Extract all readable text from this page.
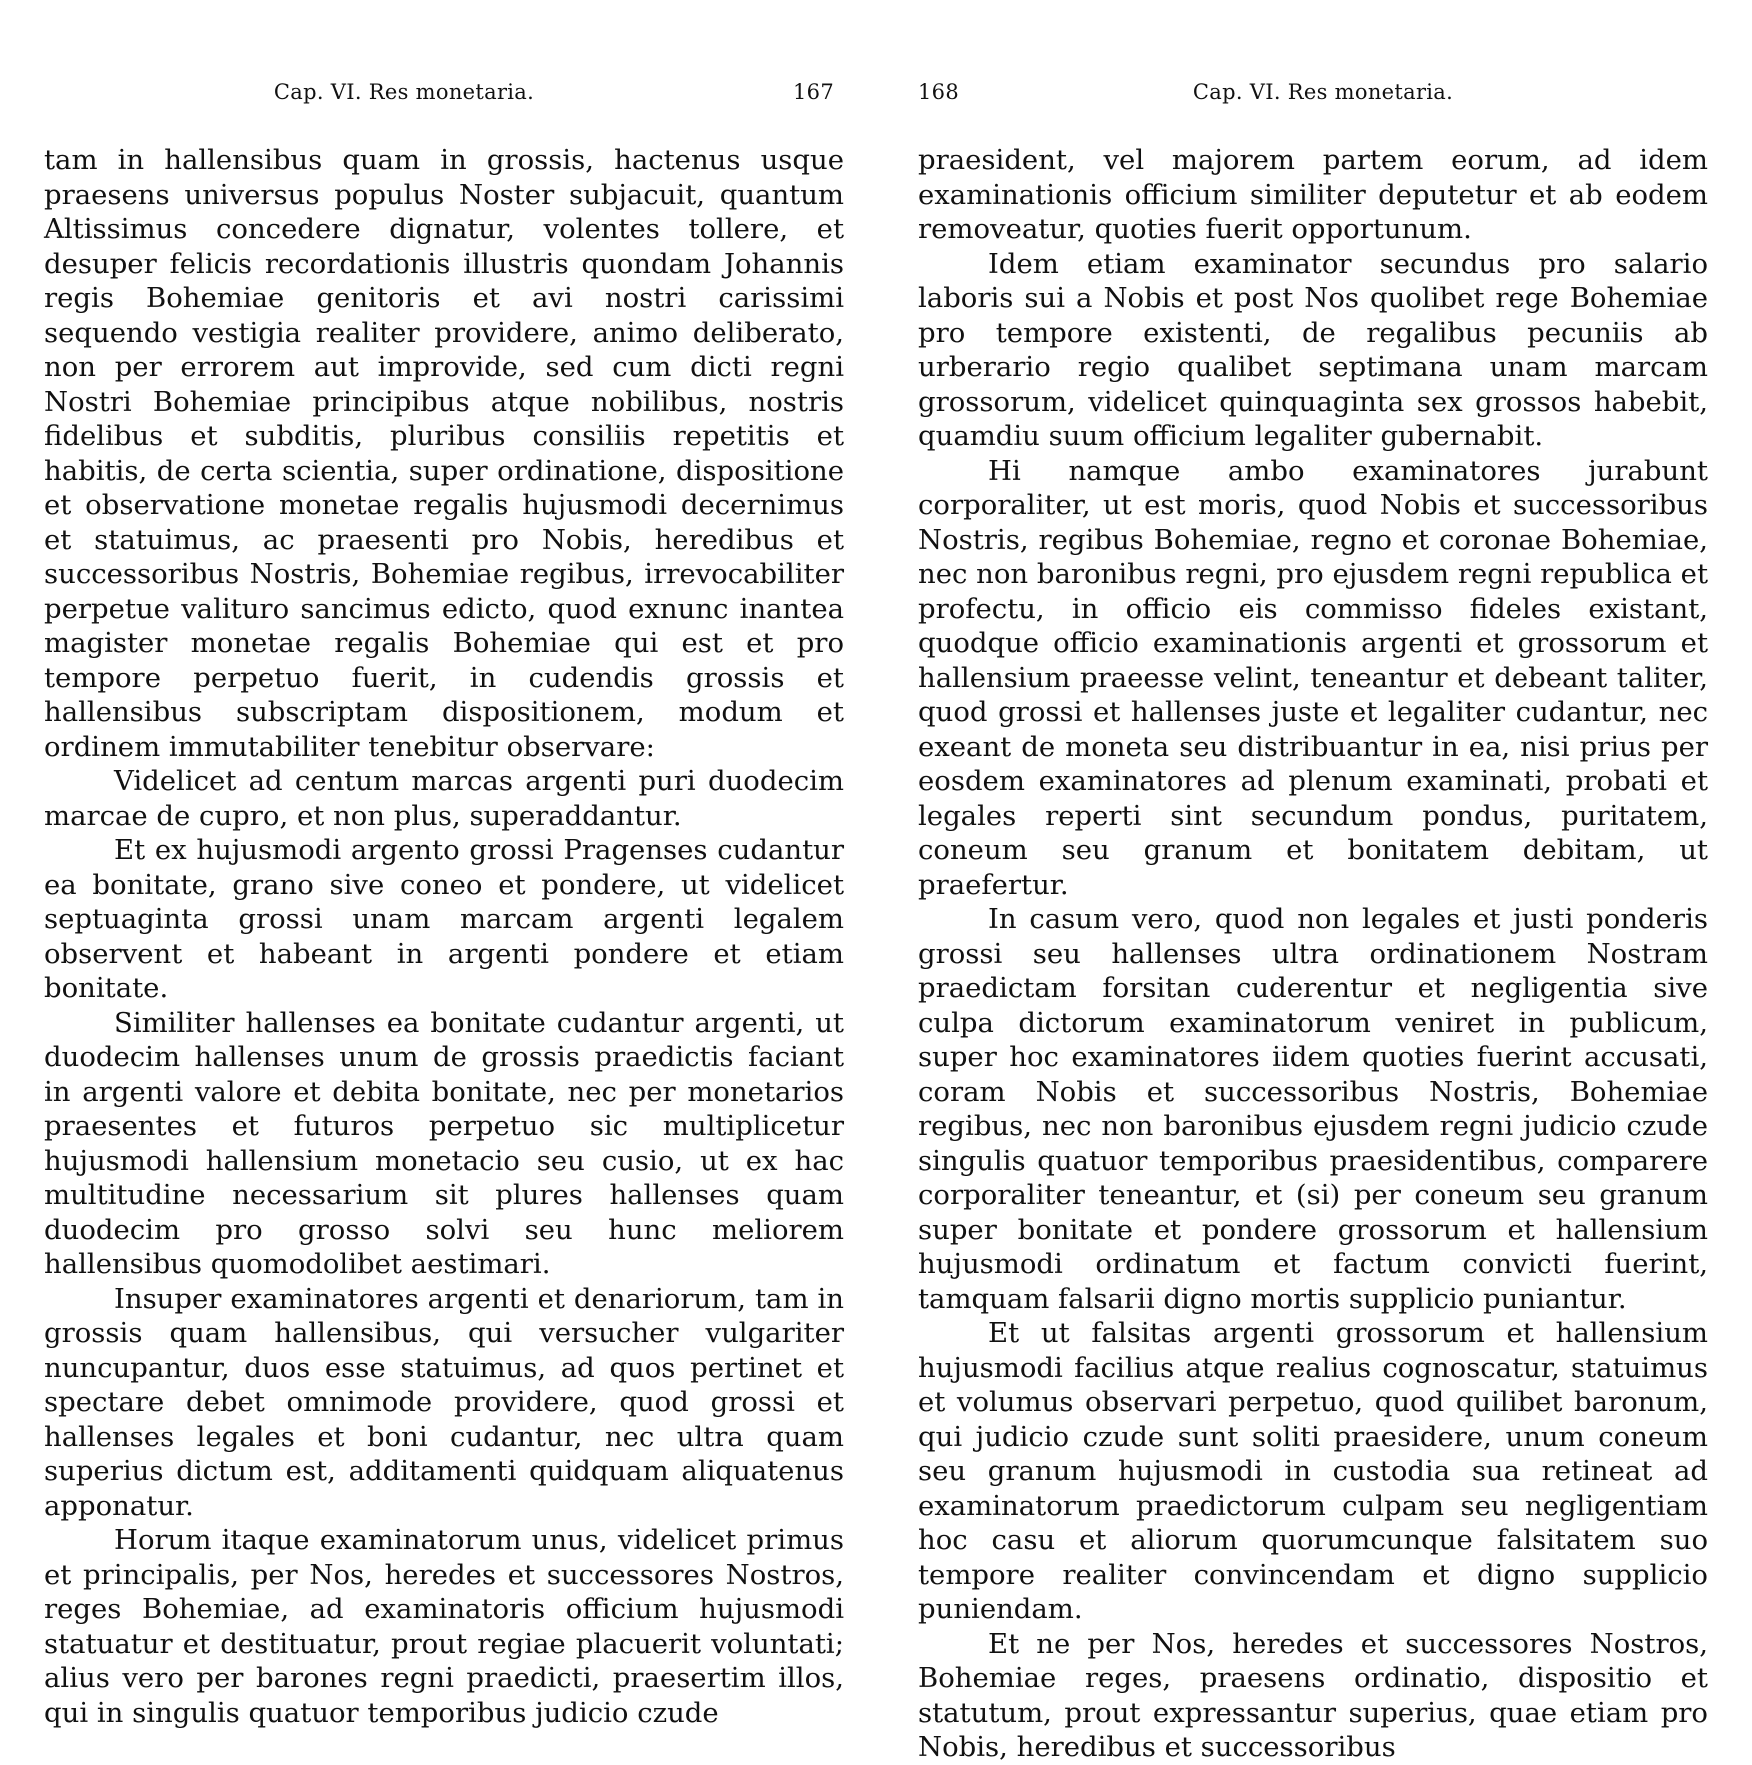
Cap. VI. Res monetaria.	167

tam in hallensibus quam in grossis, hactenus usque praesens universus populus Noster subjacuit, quantum Altissimus concedere dignatur, volentes tollere, et desuper felicis recordationis illustris quondam Johannis regis Bohemiae genitoris et avi nostri carissimi sequendo vestigia realiter providere, animo deliberato, non per errorem aut improvide, sed cum dicti regni Nostri Bohemiae principibus atque nobilibus, nostris fidelibus et subditis, pluribus consiliis repetitis et habitis, de certa scientia, super ordinatione, dispositione et observatione monetae regalis hujusmodi decernimus et statuimus, ac praesenti pro Nobis, heredibus et successoribus Nostris, Bohemiae regibus, irrevocabiliter perpetue valituro sancimus edicto, quod exnunc inantea magister monetae regalis Bohemiae qui est et pro tempore perpetuo fuerit, in cudendis grossis et hallensibus subscriptam dispositionem, modum et ordinem immutabiliter tenebitur observare:

Videlicet ad centum marcas argenti puri duodecim marcae de cupro, et non plus, superaddantur.

Et ex hujusmodi argento grossi Pragenses cudantur ea bonitate, grano sive coneo et pondere, ut videlicet septuaginta grossi unam marcam argenti legalem observent et habeant in argenti pondere et etiam bonitate.

Similiter hallenses ea bonitate cudantur argenti, ut duodecim hallenses unum de grossis praedictis faciant in argenti valore et debita bonitate, nec per monetarios praesentes et futuros perpetuo sic multiplicetur hujusmodi hallensium monetacio seu cusio, ut ex hac multitudine necessarium sit plures hallenses quam duodecim pro grosso solvi seu hunc meliorem hallensibus quomodolibet aestimari.

Insuper examinatores argenti et denariorum, tam in grossis quam hallensibus, qui versucher vulgariter nuncupantur, duos esse statuimus, ad quos pertinet et spectare debet omnimode providere, quod grossi et hallenses legales et boni cudantur, nec ultra quam superius dictum est, additamenti quidquam aliquatenus apponatur.

Horum itaque examinatorum unus, videlicet primus et principalis, per Nos, heredes et successores Nostros, reges Bohemiae, ad examinatoris officium hujusmodi statuatur et destituatur, prout regiae placuerit voluntati; alius vero per barones regni praedicti, praesertim illos, qui in singulis quatuor temporibus judicio czude

168	Cap. VI. Res monetaria.

praesident, vel majorem partem eorum, ad idem examinationis officium similiter deputetur et ab eodem removeatur, quoties fuerit opportunum.

Idem etiam examinator secundus pro salario laboris sui a Nobis et post Nos quolibet rege Bohemiae pro tempore existenti, de regalibus pecuniis ab urberario regio qualibet septimana unam marcam grossorum, videlicet quinquaginta sex grossos habebit, quamdiu suum officium legaliter gubernabit.

Hi namque ambo examinatores jurabunt corporaliter, ut est moris, quod Nobis et successoribus Nostris, regibus Bohemiae, regno et coronae Bohemiae, nec non baronibus regni, pro ejusdem regni republica et profectu, in officio eis commisso fideles existant, quodque officio examinationis argenti et grossorum et hallensium praeesse velint, teneantur et debeant taliter, quod grossi et hallenses juste et legaliter cudantur, nec exeant de moneta seu distribuantur in ea, nisi prius per eosdem examinatores ad plenum examinati, probati et legales reperti sint secundum pondus, puritatem, coneum seu granum et bonitatem debitam, ut praefertur.

In casum vero, quod non legales et justi ponderis grossi seu hallenses ultra ordinationem Nostram praedictam forsitan cuderentur et negligentia sive culpa dictorum examinatorum veniret in publicum, super hoc examinatores iidem quoties fuerint accusati, coram Nobis et successoribus Nostris, Bohemiae regibus, nec non baronibus ejusdem regni judicio czude singulis quatuor temporibus praesidentibus, comparere corporaliter teneantur, et (si) per coneum seu granum super bonitate et pondere grossorum et hallensium hujusmodi ordinatum et factum convicti fuerint, tamquam falsarii digno mortis supplicio puniantur.

Et ut falsitas argenti grossorum et hallensium hujusmodi facilius atque realius cognoscatur, statuimus et volumus observari perpetuo, quod quilibet baronum, qui judicio czude sunt soliti praesidere, unum coneum seu granum hujusmodi in custodia sua retineat ad examinatorum praedictorum culpam seu negligentiam hoc casu et aliorum quorumcunque falsitatem suo tempore realiter convincendam et digno supplicio puniendam.

Et ne per Nos, heredes et successores Nostros, Bohemiae reges, praesens ordinatio, dispositio et statutum, prout expressantur superius, quae etiam pro Nobis, heredibus et successoribus
